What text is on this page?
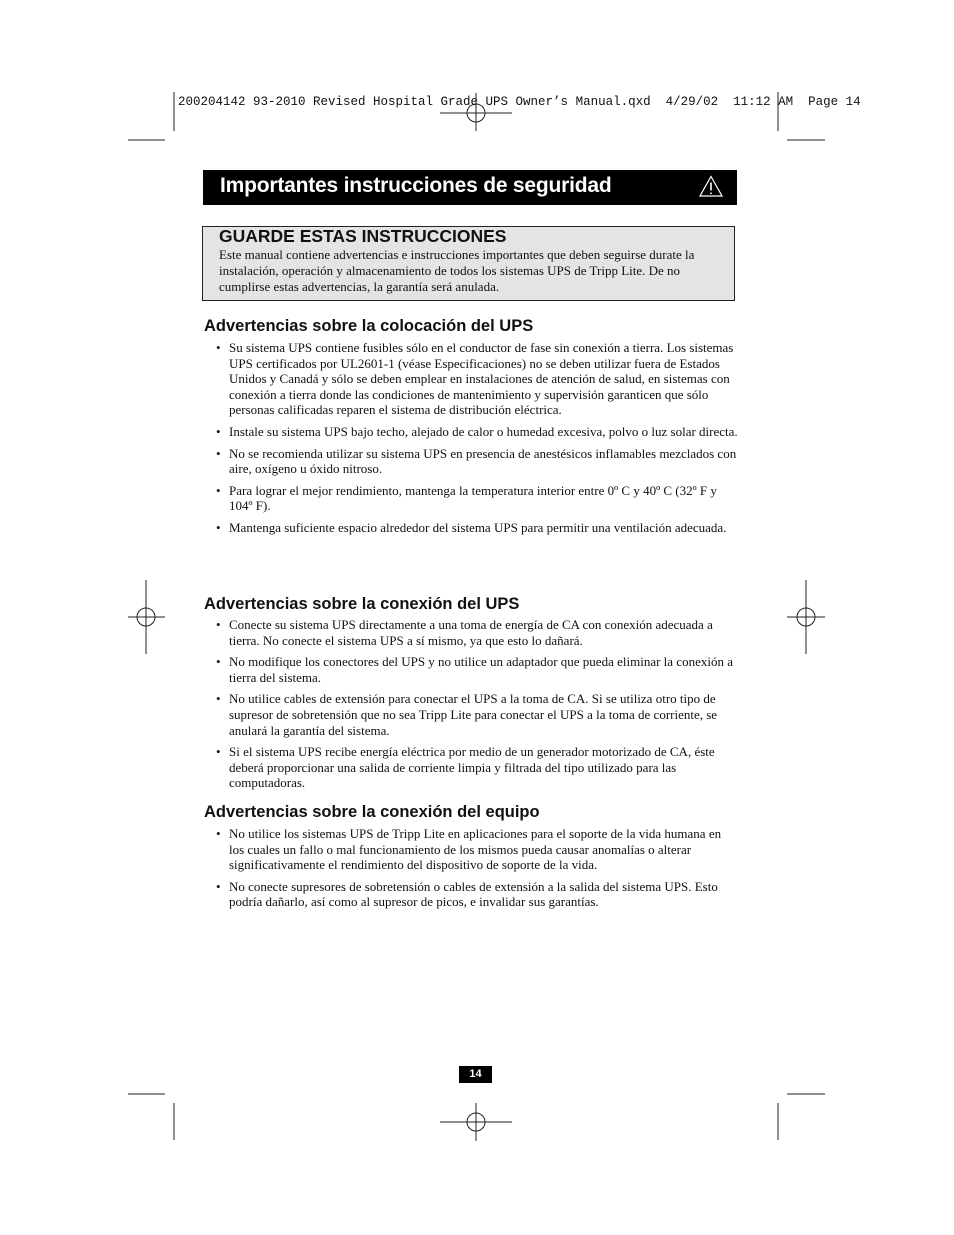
200204142 93-2010 Revised Hospital Grade UPS Owner’s Manual.qxd  4/29/02  11:12 AM  Page 14
Importantes instrucciones de seguridad
GUARDE ESTAS INSTRUCCIONES

Este manual contiene advertencias e instrucciones importantes que deben seguirse durate la instalación, operación y almacenamiento de todos los sistemas UPS de Tripp Lite. De no cumplirse estas advertencias, la garantía será anulada.

Advertencias sobre la colocación del UPS
• Su sistema UPS contiene fusibles sólo en el conductor de fase sin conexión a tierra. Los sistemas UPS certificados por UL2601-1 (véase Especificaciones) no se deben utilizar fuera de Estados Unidos y Canadá y sólo se deben emplear en instalaciones de atención de salud, en sistemas con conexión a tierra donde las condiciones de mantenimiento y supervisión garanticen que sólo personas calificadas reparen el sistema de distribución eléctrica.
• Instale su sistema UPS bajo techo, alejado de calor o humedad excesiva, polvo o luz solar directa.
• No se recomienda utilizar su sistema UPS en presencia de anestésicos inflamables mezclados con aire, oxígeno u óxido nitroso.
• Para lograr el mejor rendimiento, mantenga la temperatura interior entre 0º C y 40º C (32º F y 104º F).
• Mantenga suficiente espacio alrededor del sistema UPS para permitir una ventilación adecuada.
Advertencias sobre la conexión del UPS
• Conecte su sistema UPS directamente a una toma de energía de CA con conexión adecuada a tierra. No conecte el sistema UPS a sí mismo, ya que esto lo dañará.
• No modifique los conectores del UPS y no utilice un adaptador que pueda eliminar la conexión a tierra del sistema.
• No utilice cables de extensión para conectar el UPS a la toma de CA. Si se utiliza otro tipo de supresor de sobretensión que no sea Tripp Lite para conectar el UPS a la toma de corriente, se anulará la garantía del sistema.
• Si el sistema UPS recibe energía eléctrica por medio de un generador motorizado de CA, éste deberá proporcionar una salida de corriente limpia y filtrada del tipo utilizado para las computadoras.
Advertencias sobre la conexión del equipo
• No utilice los sistemas UPS de Tripp Lite en aplicaciones para el soporte de la vida humana en los cuales un fallo o mal funcionamiento de los mismos pueda causar anomalías o alterar significativamente el rendimiento del dispositivo de soporte de la vida.
• No conecte supresores de sobretensión o cables de extensión a la salida del sistema UPS. Esto podría dañarlo, así como al supresor de picos, e invalidar sus garantías.
14
